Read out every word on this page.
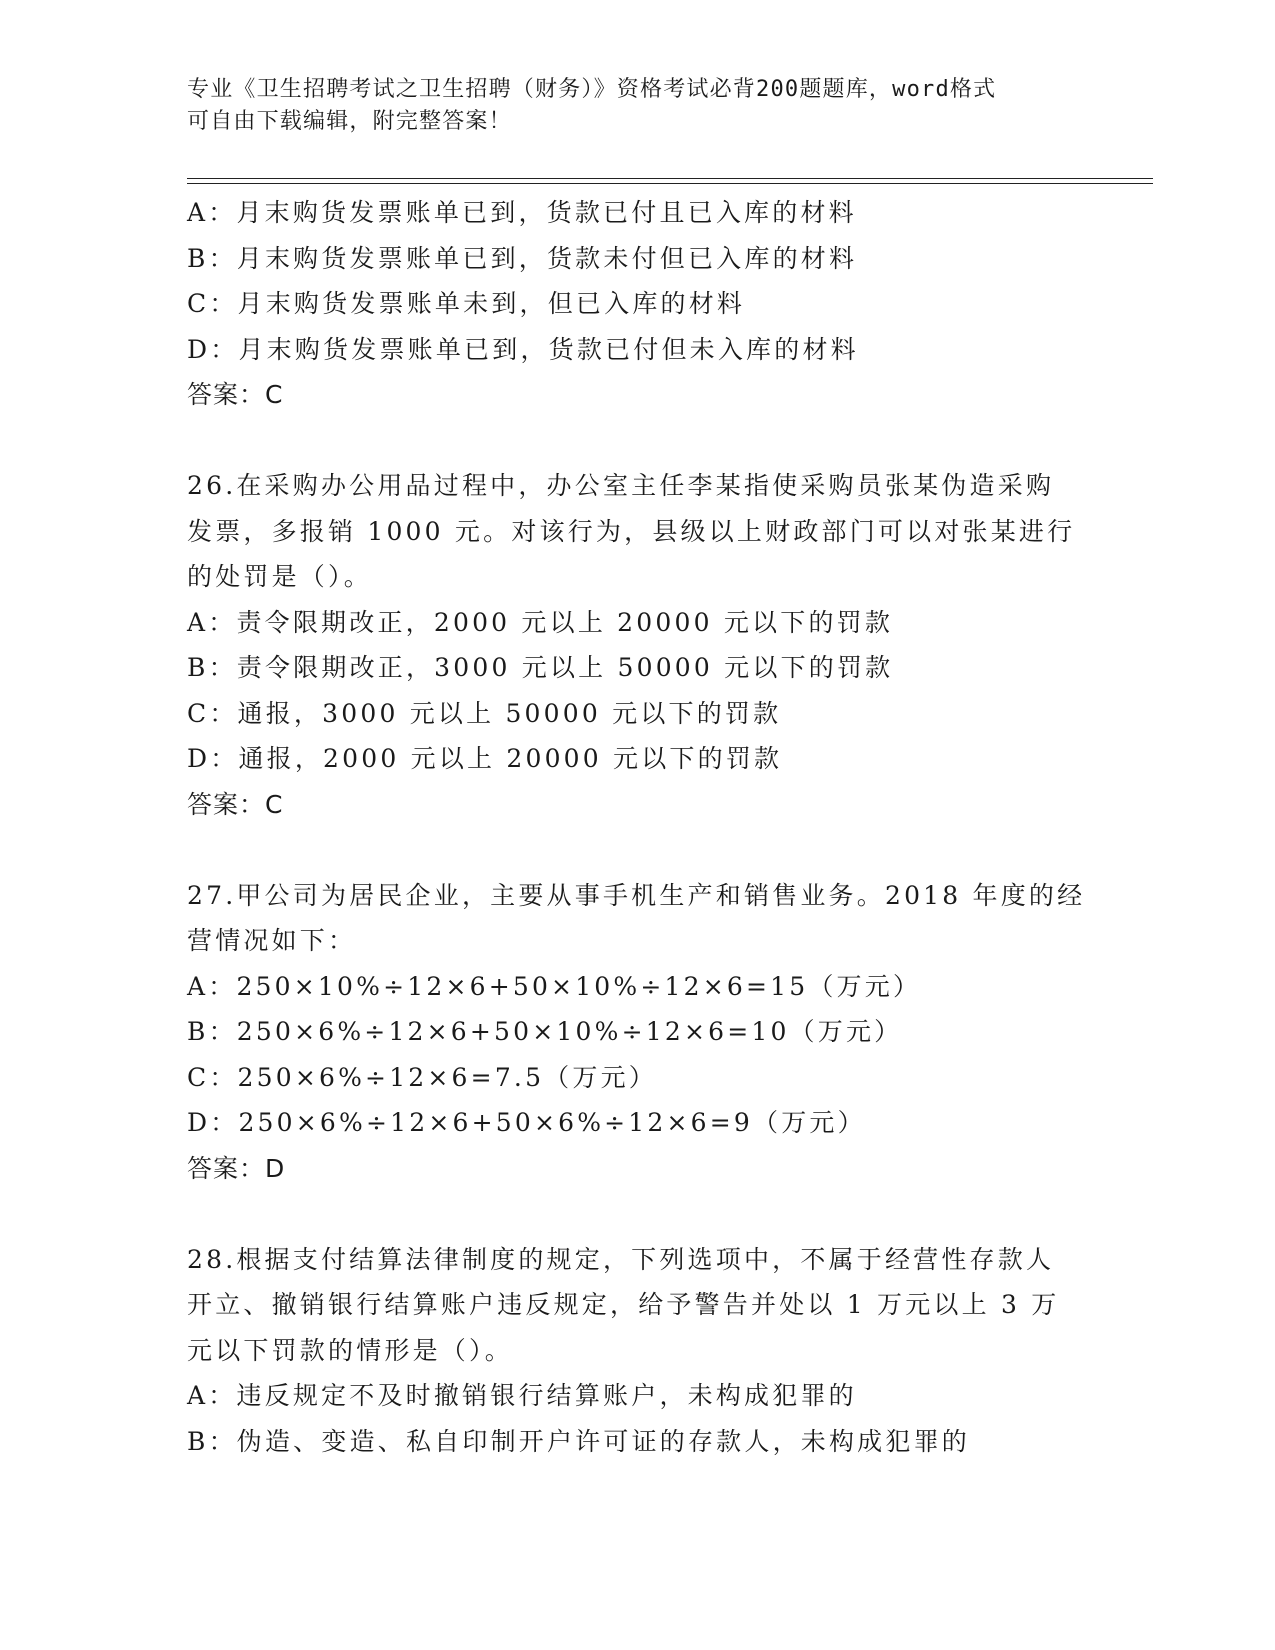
专业《卫生招聘考试之卫生招聘（财务）》资格考试必背200题题库，word格式
可自由下载编辑，附完整答案！
A：月末购货发票账单已到，货款已付且已入库的材料
B：月末购货发票账单已到，货款未付但已入库的材料
C：月末购货发票账单未到，但已入库的材料
D：月末购货发票账单已到，货款已付但未入库的材料
答案：C
26.在采购办公用品过程中，办公室主任李某指使采购员张某伪造采购
发票，多报销 1000 元。对该行为，县级以上财政部门可以对张某进行
的处罚是（）。
A：责令限期改正，2000 元以上 20000 元以下的罚款
B：责令限期改正，3000 元以上 50000 元以下的罚款
C：通报，3000 元以上 50000 元以下的罚款
D：通报，2000 元以上 20000 元以下的罚款
答案：C
27.甲公司为居民企业，主要从事手机生产和销售业务。2018 年度的经
营情况如下：
A：250×10%÷12×6+50×10%÷12×6=15（万元）
B：250×6%÷12×6+50×10%÷12×6=10（万元）
C：250×6%÷12×6=7.5（万元）
D：250×6%÷12×6+50×6%÷12×6=9（万元）
答案：D
28.根据支付结算法律制度的规定，下列选项中，不属于经营性存款人
开立、撤销银行结算账户违反规定，给予警告并处以 1 万元以上 3 万
元以下罚款的情形是（）。
A：违反规定不及时撤销银行结算账户，未构成犯罪的
B：伪造、变造、私自印制开户许可证的存款人，未构成犯罪的
